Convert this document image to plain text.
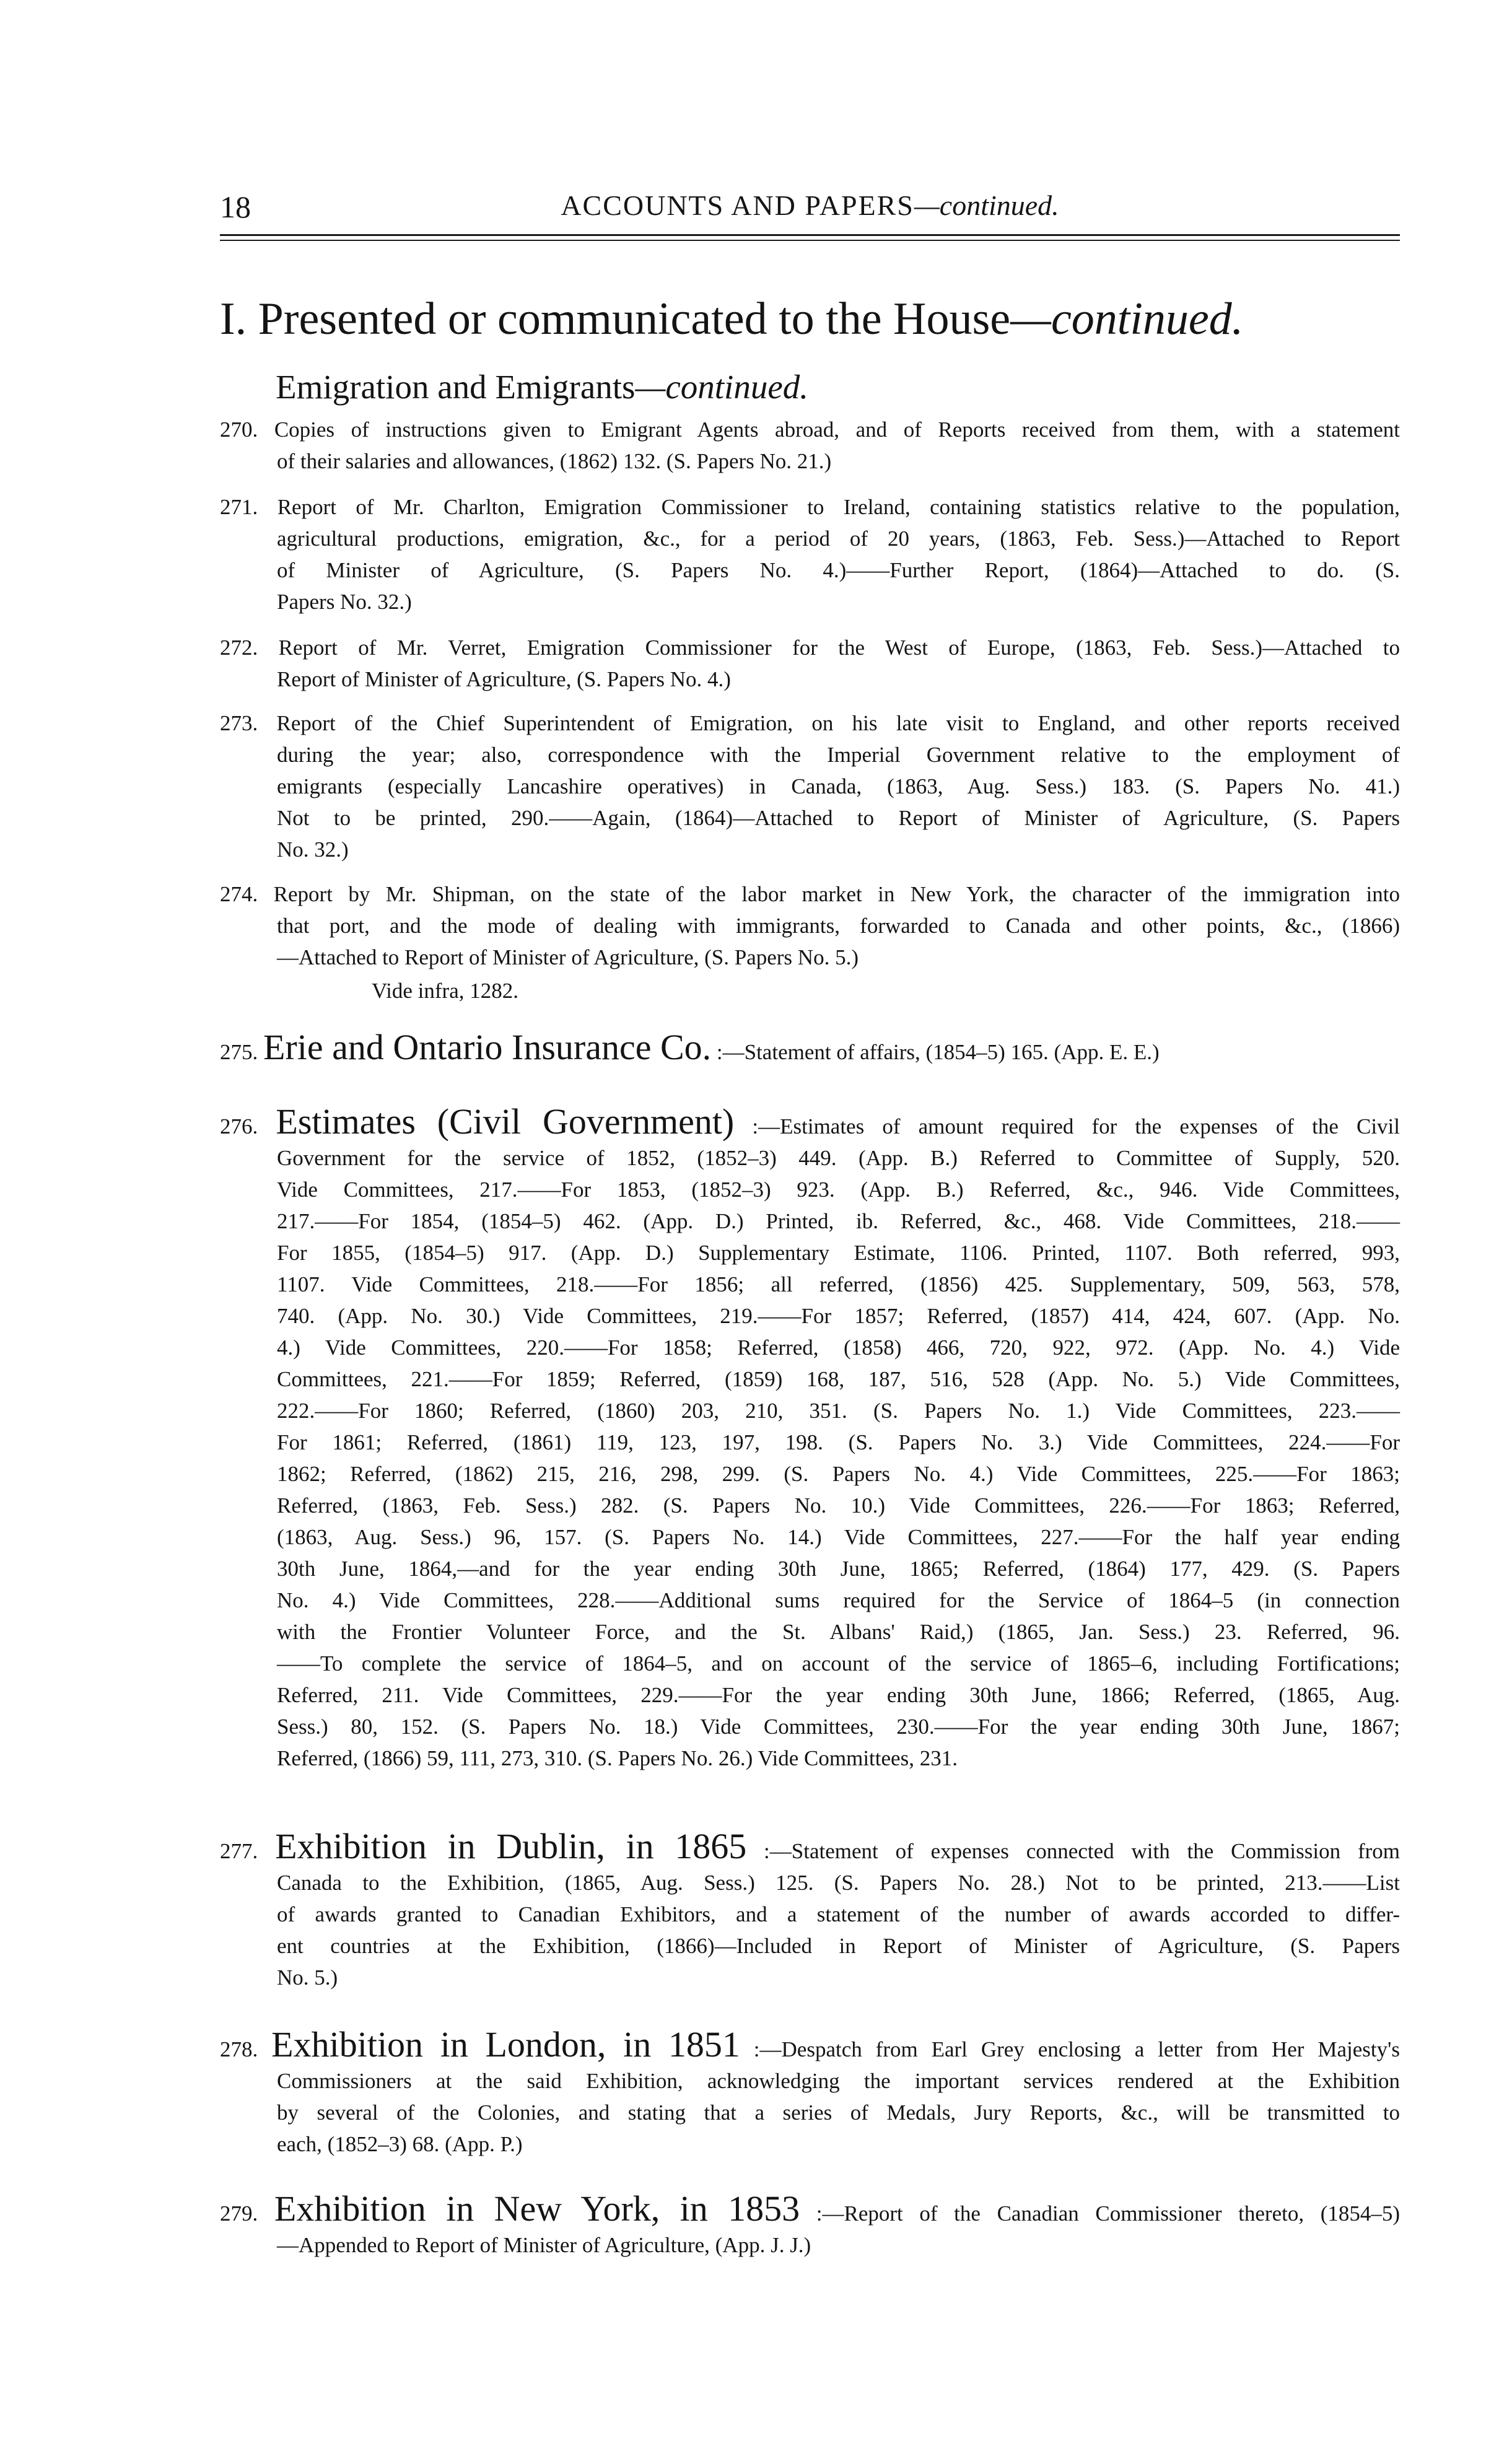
18	ACCOUNTS AND PAPERS—continued.
I. Presented or communicated to the House—continued.
Emigration and Emigrants—continued.
270. Copies of instructions given to Emigrant Agents abroad, and of Reports received from them, with a statement
of their salaries and allowances, (1862) 132. (S. Papers No. 21.)
271. Report of Mr. Charlton, Emigration Commissioner to Ireland, containing statistics relative to the population,
agricultural productions, emigration, &c., for a period of 20 years, (1863, Feb. Sess.)—Attached to Report
of Minister of Agriculture, (S. Papers No. 4.)——Further Report, (1864)—Attached to do. (S.
Papers No. 32.)
272. Report of Mr. Verret, Emigration Commissioner for the West of Europe, (1863, Feb. Sess.)—Attached to
Report of Minister of Agriculture, (S. Papers No. 4.)
273. Report of the Chief Superintendent of Emigration, on his late visit to England, and other reports received
during the year; also, correspondence with the Imperial Government relative to the employment of
emigrants (especially Lancashire operatives) in Canada, (1863, Aug. Sess.) 183. (S. Papers No. 41.)
Not to be printed, 290.——Again, (1864)—Attached to Report of Minister of Agriculture, (S. Papers
No. 32.)
274. Report by Mr. Shipman, on the state of the labor market in New York, the character of the immigration into
that port, and the mode of dealing with immigrants, forwarded to Canada and other points, &c., (1866)
—Attached to Report of Minister of Agriculture, (S. Papers No. 5.)
Vide infra, 1282.
275. Erie and Ontario Insurance Co. :—Statement of affairs, (1854–5) 165. (App. E. E.)
276. Estimates (Civil Government) :—Estimates of amount required for the expenses of the Civil
Government for the service of 1852, (1852–3) 449. (App. B.) Referred to Committee of Supply, 520.
Vide Committees, 217.——For 1853, (1852–3) 923. (App. B.) Referred, &c., 946. Vide Committees,
217.——For 1854, (1854–5) 462. (App. D.) Printed, ib. Referred, &c., 468. Vide Committees, 218.——
For 1855, (1854–5) 917. (App. D.) Supplementary Estimate, 1106. Printed, 1107. Both referred, 993,
1107. Vide Committees, 218.——For 1856; all referred, (1856) 425. Supplementary, 509, 563, 578,
740. (App. No. 30.) Vide Committees, 219.——For 1857; Referred, (1857) 414, 424, 607. (App. No.
4.) Vide Committees, 220.——For 1858; Referred, (1858) 466, 720, 922, 972. (App. No. 4.) Vide
Committees, 221.——For 1859; Referred, (1859) 168, 187, 516, 528 (App. No. 5.) Vide Committees,
222.——For 1860; Referred, (1860) 203, 210, 351. (S. Papers No. 1.) Vide Committees, 223.——
For 1861; Referred, (1861) 119, 123, 197, 198. (S. Papers No. 3.) Vide Committees, 224.——For
1862; Referred, (1862) 215, 216, 298, 299. (S. Papers No. 4.) Vide Committees, 225.——For 1863;
Referred, (1863, Feb. Sess.) 282. (S. Papers No. 10.) Vide Committees, 226.——For 1863; Referred,
(1863, Aug. Sess.) 96, 157. (S. Papers No. 14.) Vide Committees, 227.——For the half year ending
30th June, 1864,—and for the year ending 30th June, 1865; Referred, (1864) 177, 429. (S. Papers
No. 4.) Vide Committees, 228.——Additional sums required for the Service of 1864–5 (in connection
with the Frontier Volunteer Force, and the St. Albans' Raid,) (1865, Jan. Sess.) 23. Referred, 96.
——To complete the service of 1864–5, and on account of the service of 1865–6, including Fortifications;
Referred, 211. Vide Committees, 229.——For the year ending 30th June, 1866; Referred, (1865, Aug.
Sess.) 80, 152. (S. Papers No. 18.) Vide Committees, 230.——For the year ending 30th June, 1867;
Referred, (1866) 59, 111, 273, 310. (S. Papers No. 26.) Vide Committees, 231.
277. Exhibition in Dublin, in 1865 :—Statement of expenses connected with the Commission from
Canada to the Exhibition, (1865, Aug. Sess.) 125. (S. Papers No. 28.) Not to be printed, 213.——List
of awards granted to Canadian Exhibitors, and a statement of the number of awards accorded to differ-
ent countries at the Exhibition, (1866)—Included in Report of Minister of Agriculture, (S. Papers
No. 5.)
278. Exhibition in London, in 1851 :—Despatch from Earl Grey enclosing a letter from Her Majesty's
Commissioners at the said Exhibition, acknowledging the important services rendered at the Exhibition
by several of the Colonies, and stating that a series of Medals, Jury Reports, &c., will be transmitted to
each, (1852–3) 68. (App. P.)
279. Exhibition in New York, in 1853 :—Report of the Canadian Commissioner thereto, (1854–5)
—Appended to Report of Minister of Agriculture, (App. J. J.)
